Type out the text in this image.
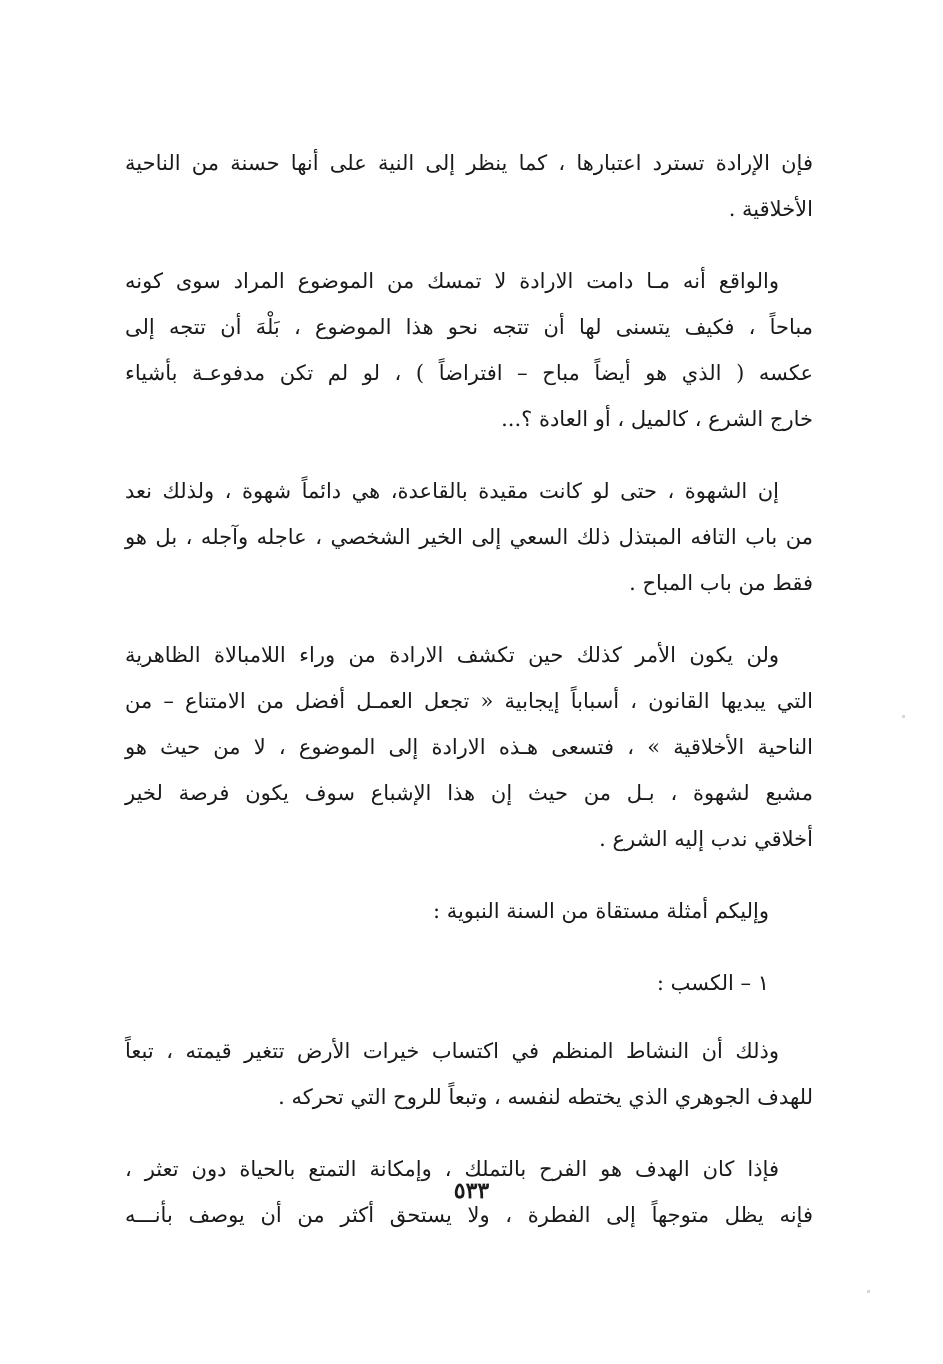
فإن الإرادة تسترد اعتبارها ، كما ينظر إلى النية على أنها حسنة من الناحية
الأخلاقية .

والواقع أنه مـا دامت الارادة لا تمسك من الموضوع المراد سوى كونه
مباحاً ، فكيف يتسنى لها أن تتجه نحو هذا الموضوع ، بَلْهَ أن تتجه إلى
عكسه ( الذي هو أيضاً مباح – افتراضاً ) ، لو لم تكن مدفوعـة بأشياء
خارج الشرع ، كالميل ، أو العادة ؟...

إن الشهوة ، حتى لو كانت مقيدة بالقاعدة، هي دائماً شهوة ، ولذلك نعد
من باب التافه المبتذل ذلك السعي إلى الخير الشخصي ، عاجله وآجله ، بل هو
فقط من باب المباح .

ولن يكون الأمر كذلك حين تكشف الارادة من وراء اللامبالاة الظاهرية
التي يبديها القانون ، أسباباً إيجابية « تجعل العمـل أفضل من الامتناع – من
الناحية الأخلاقية » ، فتسعى هـذه الارادة إلى الموضوع ، لا من حيث هو
مشبع لشهوة ، بـل من حيث إن هذا الإشباع سوف يكون فرصة لخير
أخلاقي ندب إليه الشرع .

وإليكم أمثلة مستقاة من السنة النبوية :
١ – الكسب :

وذلك أن النشاط المنظم في اكتساب خيرات الأرض تتغير قيمته ، تبعاً
للهدف الجوهري الذي يختطه لنفسه ، وتبعاً للروح التي تحركه .

فإذا كان الهدف هو الفرح بالتملك ، وإمكانة التمتع بالحياة دون تعثر ،
فإنه يظل متوجهاً إلى الفطرة ، ولا يستحق أكثر من أن يوصف بأنـــه

٥٣٣
